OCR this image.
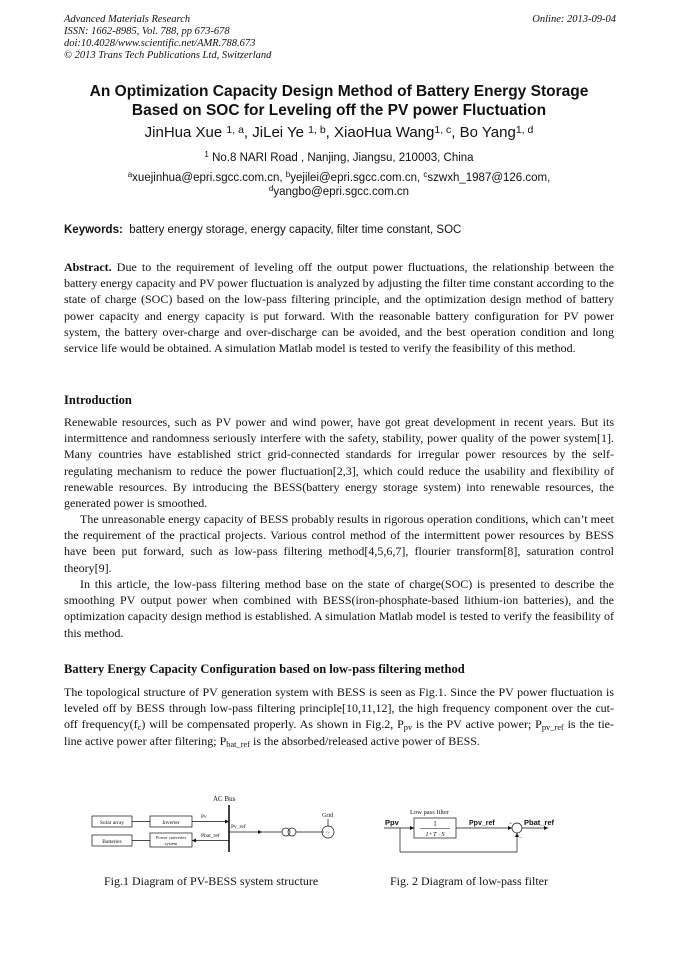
Advanced Materials Research
ISSN: 1662-8985, Vol. 788, pp 673-678
doi:10.4028/www.scientific.net/AMR.788.673
© 2013 Trans Tech Publications Ltd, Switzerland
Online: 2013-09-04
An Optimization Capacity Design Method of Battery Energy Storage
Based on SOC for Leveling off the PV power Fluctuation
JinHua Xue $^{1, a}$, JiLei Ye $^{1, b}$, XiaoHua Wang$^{1, c}$, Bo Yang$^{1, d}$
$^1$ No.8 NARI Road , Nanjing, Jiangsu, 210003, China
$^a$xuejinhua@epri.sgcc.com.cn, $^b$yejilei@epri.sgcc.com.cn, $^c$szwxh_1987@126.com,
$^d$yangbo@epri.sgcc.com.cn
Keywords: battery energy storage, energy capacity, filter time constant, SOC

Abstract. Due to the requirement of leveling off the output power fluctuations, the relationship between the battery energy capacity and PV power fluctuation is analyzed by adjusting the filter time constant according to the state of charge (SOC) based on the low-pass filtering principle, and the optimization design method of battery power capacity and energy capacity is put forward. With the reasonable battery configuration for PV power system, the battery over-charge and over-discharge can be avoided, and the best operation condition and long service life would be obtained. A simulation Matlab model is tested to verify the feasibility of this method.

Introduction

Renewable resources, such as PV power and wind power, have got great development in recent years. But its intermittence and randomness seriously interfere with the safety, stability, power quality of the power system[1]. Many countries have established strict grid-connected standards for irregular power resources by the self-regulating mechanism to reduce the power fluctuation[2,3], which could reduce the usability and flexibility of renewable resources. By introducing the BESS(battery energy storage system) into renewable resources, the generated power is smoothed.

The unreasonable energy capacity of BESS probably results in rigorous operation conditions, which can’t meet the requirement of the practical projects. Various control method of the intermittent power resources by BESS have been put forward, such as low-pass filtering method[4,5,6,7], flourier transform[8], saturation control theory[9].

In this article, the low-pass filtering method base on the state of charge(SOC) is presented to describe the smoothing PV output power when combined with BESS(iron-phosphate-based lithium-ion batteries), and the optimization capacity design method is established. A simulation Matlab model is tested to verify the feasibility of this method.

Battery Energy Capacity Configuration based on low-pass filtering method

The topological structure of PV generation system with BESS is seen as Fig.1. Since the PV power fluctuation is leveled off by BESS through low-pass filtering principle[10,11,12], the high frequency component over the cut-off $frequency(f_c)$ will be compensated properly. As shown in Fig.2, $P_{pv}$ is the PV active power; $P_{pv\_ref}$ is the tie-line active power after filtering; $P_{bat\_ref}$ is the absorbed/released active power of BESS.

AC Bus
Solar array	Inverter
Batteries
Power converter
system
Pv
Pbat_ref
Pv_ref
Grid
~
Low pass filter
1
1+T · S
Ppv	Ppv_ref	Pbat_ref
+
−
Fig.1 Diagram of PV-BESS system structure	Fig. 2 Diagram of low-pass filter
